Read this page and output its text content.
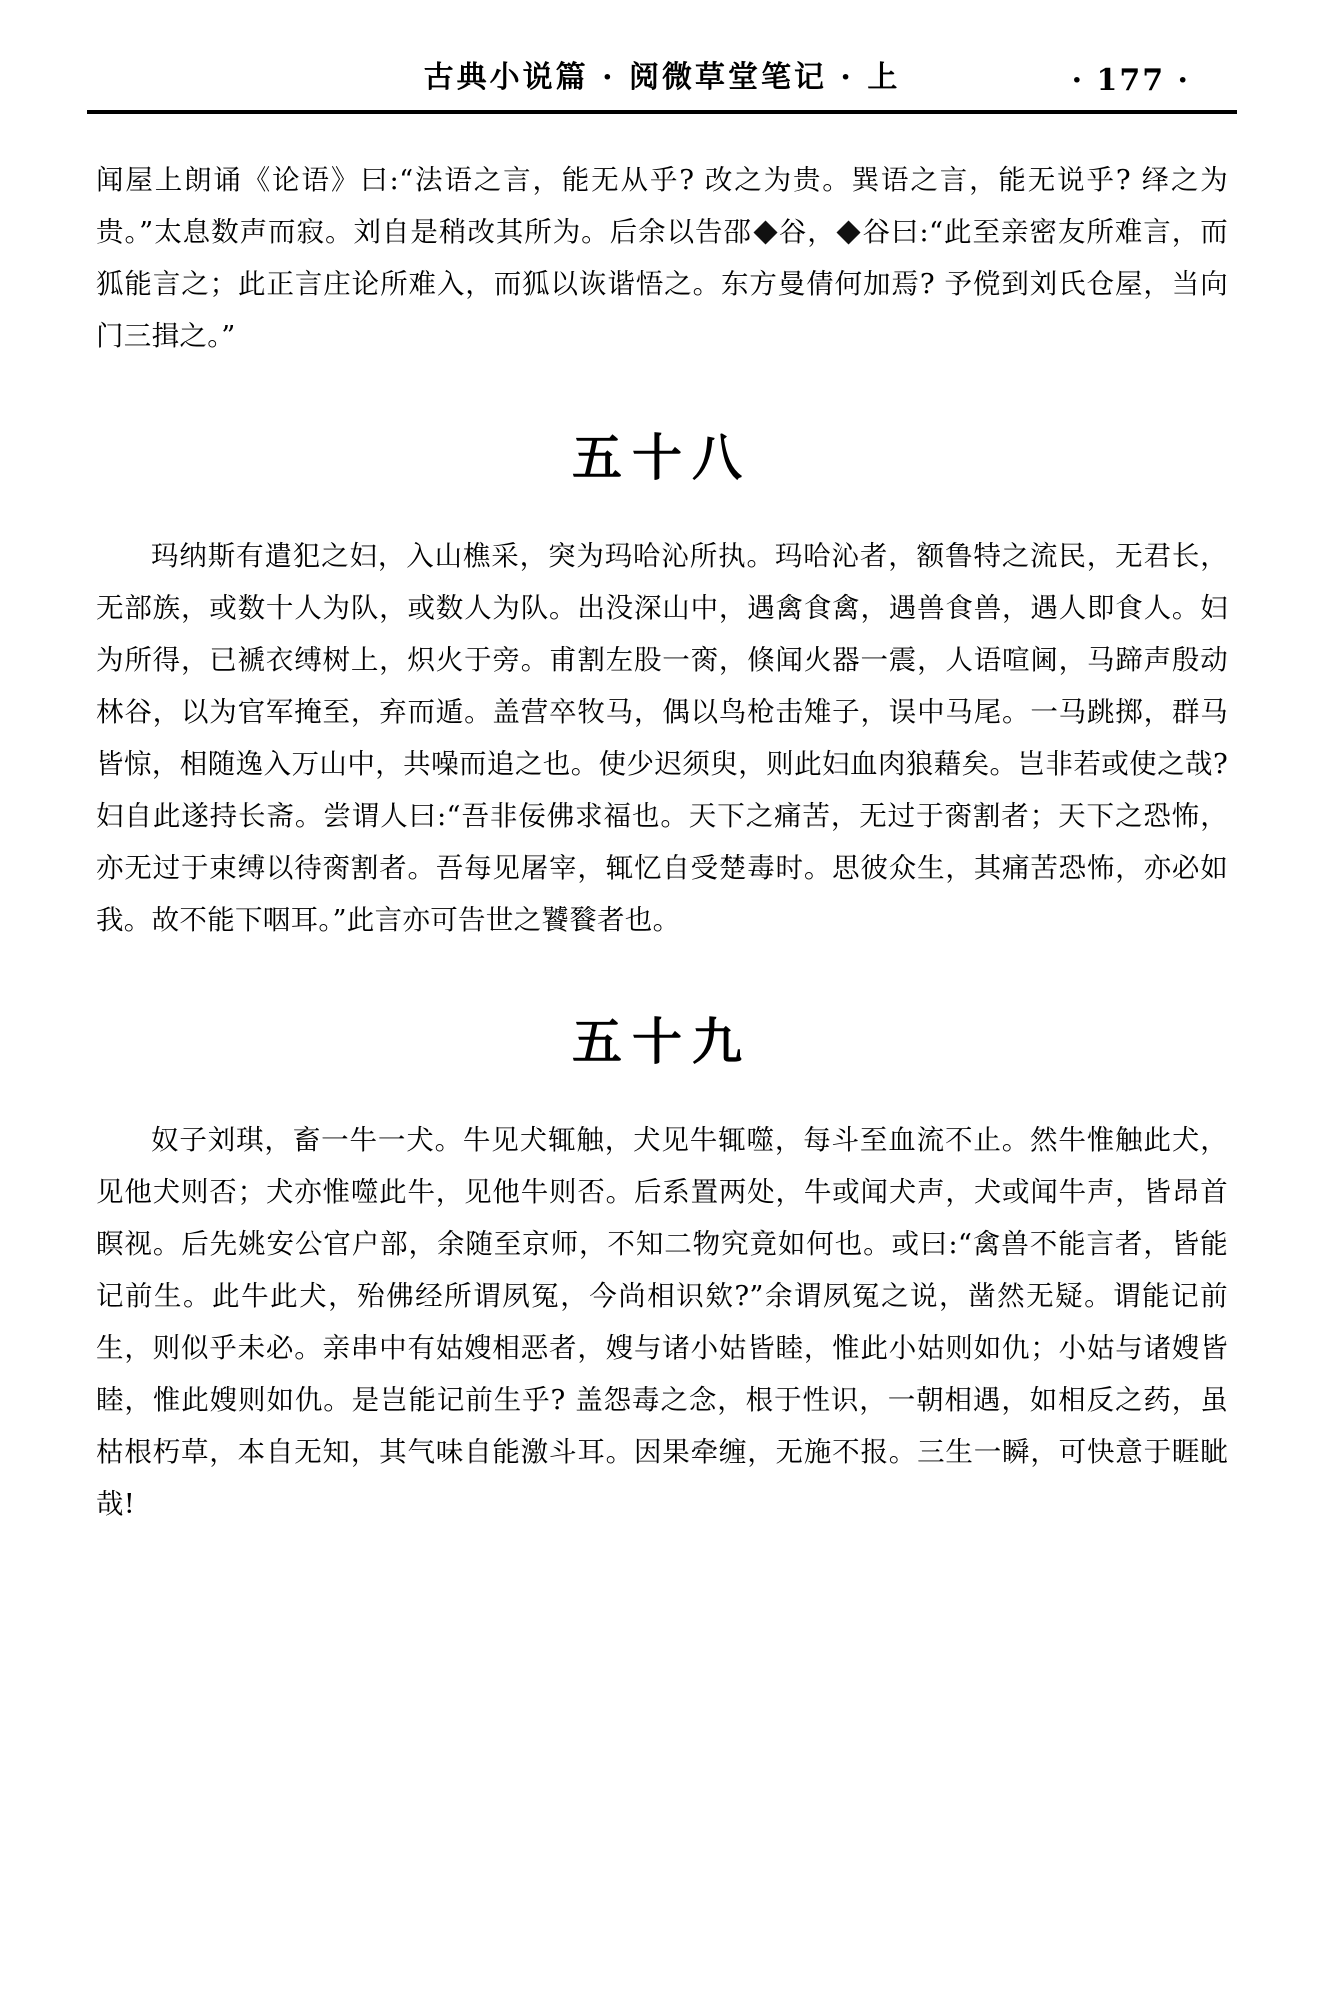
古典小说篇 · 阅微草堂笔记 · 上	· 177 ·

闻屋上朗诵《论语》曰:“法语之言，能无从乎? 改之为贵。巽语之言，能无说乎? 绎之为贵。”太息数声而寂。刘自是稍改其所为。后余以告邵 谷， 谷曰:“此至亲密友所难言，而狐能言之；此正言庄论所难入，而狐以诙谐悟之。东方曼倩何加焉? 予傥到刘氏仓屋，当向门三揖之。”

五十八

玛纳斯有遣犯之妇，入山樵采，突为玛哈沁所执。玛哈沁者，额鲁特之流民，无君长，无部族，或数十人为队，或数人为队。出没深山中，遇禽食禽，遇兽食兽，遇人即食人。妇为所得，已褫衣缚树上，炽火于旁。甫割左股一脔，倏闻火器一震，人语喧阃，马蹄声殷动林谷，以为官军掩至，弃而遁。盖营卒牧马，偶以鸟枪击雉子，误中马尾。一马跳掷，群马皆惊，相随逸入万山中，共噪而追之也。使少迟须臾，则此妇血肉狼藉矣。岂非若或使之哉? 妇自此遂持长斋。尝谓人曰:“吾非佞佛求福也。天下之痛苦，无过于脔割者；天下之恐怖，亦无过于束缚以待脔割者。吾每见屠宰，辄忆自受楚毒时。思彼众生，其痛苦恐怖，亦必如我。故不能下咽耳。”此言亦可告世之饕餮者也。

五十九

奴子刘琪，畜一牛一犬。牛见犬辄触，犬见牛辄噬，每斗至血流不止。然牛惟触此犬，见他犬则否；犬亦惟噬此牛，见他牛则否。后系置两处，牛或闻犬声，犬或闻牛声，皆昂首瞑视。后先姚安公官户部，余随至京师，不知二物究竟如何也。或曰:“禽兽不能言者，皆能记前生。此牛此犬，殆佛经所谓夙冤，今尚相识欸?”余谓夙冤之说，凿然无疑。谓能记前生，则似乎未必。亲串中有姑嫂相恶者，嫂与诸小姑皆睦，惟此小姑则如仇；小姑与诸嫂皆睦，惟此嫂则如仇。是岂能记前生乎? 盖怨毒之念，根于性识，一朝相遇，如相反之药，虽枯根朽草，本自无知，其气味自能激斗耳。因果牵缠，无施不报。三生一瞬，可快意于睚眦哉!
